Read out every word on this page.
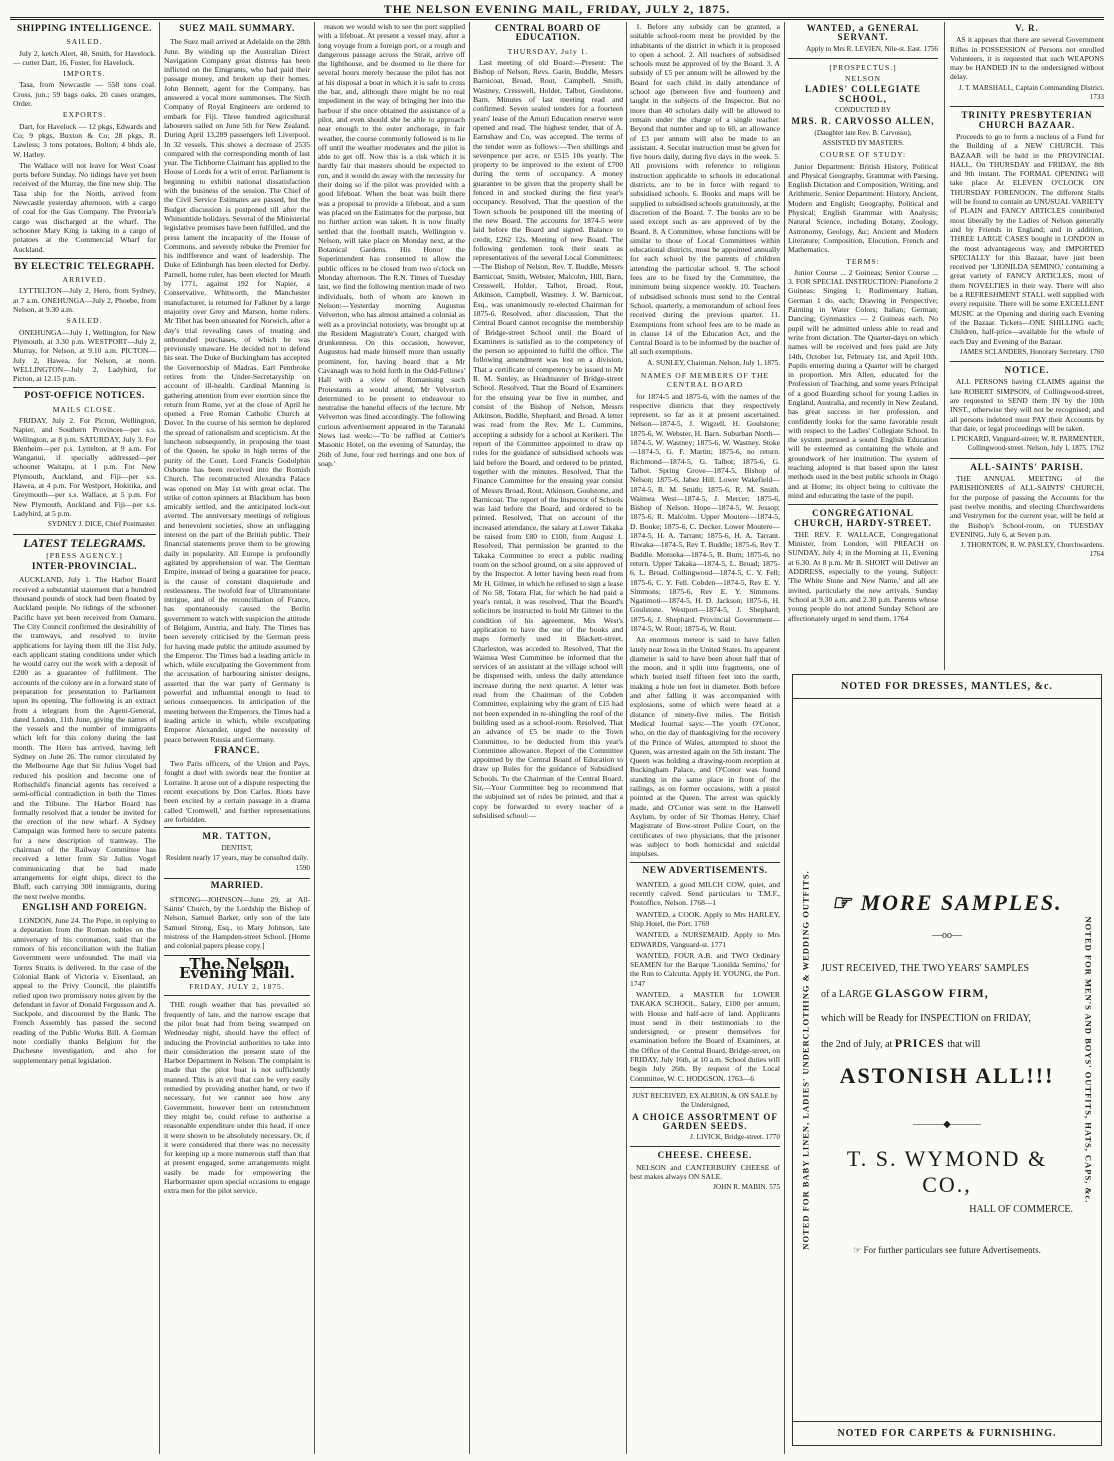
THE NELSON EVENING MAIL, FRIDAY, JULY 2, 1875.
SHIPPING INTELLIGENCE.
SAILED.
July 2, ketch Alert, 48, Smith, for Havelock. — cutter Dart, 16, Foster, for Havelock.
IMPORTS.
Tasa, from Newcastle — 558 tons coal. Cross, jun.; 59 bags oaks, 20 cases oranges, Order.
EXPORTS.
Dart, for Havelock — 12 pkgs, Edwards and Co; 9 pkgs, Buxton & Co; 28 pkgs, R. Lawless; 3 tons potatoes, Bolton; 4 bhds ale, W. Harley.
The Wallace will not leave for West Coast ports before Sunday. No tidings have yet been received of the Murray, the fine new ship. The Tasa ship for the North, arrived from Newcastle yesterday afternoon, with a cargo of coal for the Gas Company. The Pretoria's cargo was discharged at the wharf. The schooner Mary King is taking in a cargo of potatoes at the Commercial Wharf for Auckland.
BY ELECTRIC TELEGRAPH.
ARRIVED.
LYTTELTON—July 2, Hero, from Sydney, at 7 a.m. ONEHUNGA—July 2, Phoebe, from Nelson, at 9.30 a.m.
SAILED.
ONEHUNGA—July 1, Wellington, for New Plymouth, at 3.30 p.m. WESTPORT—July 2, Murray, for Nelson, at 9.10 a.m. PICTON—July 2, Hawea, for Nelson, at noon. WELLINGTON—July 2, Ladybird, for Picton, at 12.15 p.m.
POST-OFFICE NOTICES.
MAILS CLOSE.
FRIDAY, July 2. For Picton, Wellington, Napier, and Southern Provinces—per s.s. Wellington, at 8 p.m. SATURDAY, July 3. For Blenheim—per p.s. Lyttelton, at 9 a.m. For Wanganui, if specially addressed—per schooner Waitapu, at 1 p.m. For New Plymouth, Auckland, and Fiji—per s.s. Hawea, at 4 p.m. For Westport, Hokitika, and Greymouth—per s.s. Wallace, at 5 p.m. For New Plymouth, Auckland and Fiji—per s.s. Ladybird, at 5 p.m.
SYDNEY J. DICE, Chief Postmaster.
LATEST TELEGRAMS.
[PRESS AGENCY.]
INTER-PROVINCIAL.
AUCKLAND, July 1. The Harbor Board received a substantial statement that a hundred thousand pounds of stock had been floated by Auckland people. No tidings of the schooner Pacific have yet been received from Oamaru. The City Council confirmed the desirability of the tramways, and resolved to invite applications for laying them till the 31st July, each applicant stating conditions under which he would carry out the work with a deposit of £200 as a guarantee of fulfilment. The accounts of the colony are in a forward state of preparation for presentation to Parliament upon its opening. The following is an extract from a telegram from the Agent-General, dated London, 11th June, giving the names of the vessels and the number of immigrants which left for this colony during the last month. The Hero has arrived, having left Sydney on June 26. The rumor circulated by the Melbourne Age that Sir Julius Vogel had reduced his position and become one of Rothschild's financial agents has received a semi-official contradiction in both the Times and the Tribune. The Harbor Board has formally resolved that a tender be invited for the erection of the new wharf. A Sydney Campaign was formed here to secure patents for a new description of tramway. The chairman of the Railway Committee has received a letter from Sir Julius Vogel communicating that he had made arrangements for eight ships, direct to the Bluff, each carrying 300 immigrants, during the next twelve months.
ENGLISH AND FOREIGN.
LONDON, June 24. The Pope, in replying to a deputation from the Roman nobles on the anniversary of his coronation, said that the rumors of his reconciliation with the Italian Government were unfounded. The mail via Torres Straits is delivered. In the case of the Colonial Bank of Victoria v. Eisenlaud, an appeal to the Privy Council, the plaintiffs relied upon two promissory notes given by the defendant in favor of Donald Fergusson and A. Suckpole, and discounted by the Bank. The French Assembly has passed the second reading of the Public Works Bill. A German note cordially thanks Belgium for the Duchesne investigation, and also for supplementary penal legislation.
SUEZ MAIL SUMMARY.
The Suez mail arrived at Adelaide on the 28th June. By winding up the Australian Direct Navigation Company great distress has been inflicted on the Emigrants, who had paid their passage money, and broken up their homes. John Bennett, agent for the Company, has answered a vocal more summonses. The Sixth Company of Royal Engineers are ordered to embark for Fiji. Three hundred agricultural labourers sailed on June 5th for New Zealand. During April 13,289 passengers left Liverpool. In 32 vessels. This shows a decrease of 2535 compared with the corresponding month of last year. The Tichborne Claimant has applied to the House of Lords for a writ of error. Parliament is beginning to exhibit national dissatisfaction with the business of the session. The Chief of the Civil Service Estimates are passed, but the Budget discussion is postponed till after the Whitsuntide holidays. Several of the Ministerial legislative promises have been fulfilled, and the press lament the incapacity of the House of Commons, and severely rebuke the Premier for his indifference and want of leadership. The Duke of Edinburgh has been elected for Derby. Parnell, home ruler, has been elected for Meath by 1771, against 192 for Napier, a Conservative. Whitworth, the Manchester manufacturer, is returned for Falkner by a large majority over Grey and Marson, home rulers. Mr Tibet has been unseated for Norwich, after a day's trial revealing cases of treating and unbounded purchases, of which he was previously unaware. He decided not to defend his seat. The Duke of Buckingham has accepted the Governorship of Madras. Earl Pembroke retires from the Under-Secretaryship on account of ill-health. Cardinal Manning is gathering attention from ever exertion since the return from Rome, yet at the close of April he opened a Free Roman Catholic Church at Dover. In the course of his sermon he deplored the spread of rationalism and scepticism. At the luncheon subsequently, in proposing the toast of the Queen, he spoke in high terms of the purity of the Court. Lord Francis Godolphin Osborne has been received into the Romish Church. The reconstructed Alexandra Palace was opened on May 1st with great eclat. The strike of cotton spinners at Blackburn has been amicably settled, and the anticipated lock-out averted. The anniversary meetings of religious and benevolent societies, show an unflagging interest on the part of the British public. Their financial statements prove them to be growing daily in popularity. All Europe is profoundly agitated by apprehension of war. The German Empire, instead of being a guarantee for peace, is the cause of constant disquietude and restlessness. The twofold fear of Ultramontane intrigue, and of the reconciliation of France, has spontaneously caused the Berlin government to watch with suspicion the attitude of Belgium, Austria, and Italy. The Times has been severely criticised by the German press for having made public the attitude assumed by the Emperor. The Times had a leading article in which, while exculpating the Government from the accusation of harbouring sinister designs, asserted that the war party of Germany is powerful and influential enough to lead to serious consequences. In anticipation of the meeting between the Emperors, the Times had a leading article in which, while exculpating Emperor Alexander, urged the necessity of peace between Russia and Germany.
FRANCE.
Two Paris officers, of the Union and Pays, fought a duel with swords near the frontier at Lorraine. It arose out of a dispute respecting the recent executions by Don Carlos. Riots have been excited by a certain passage in a drama called 'Cromwell,' and further representations are forbidden.
MR. TATTON,
DENTIST,
Resident nearly 17 years, may be consulted daily.
1590
MARRIED.
STRONG—JOHNSON—June 29, at All-Saints' Church, by the Lordship the Bishop of Nelson, Samuel Barker, only son of the late Samuel Strong, Esq., to Mary Johnson, late mistress of the Hampden-street School. [Home and colonial papers please copy.]
The Nelson Evening Mail.
FRIDAY, JULY 2, 1875.
THE rough weather that has prevailed so frequently of late, and the narrow escape that the pilot boat had from being swamped on Wednesday night, should have the effect of inducing the Provincial authorities to take into their consideration the present state of the Harbor Department in Nelson. The complaint is made that the pilot boat is not sufficiently manned. This is an evil that can be very easily remedied by providing another hand, or two if necessary, for we cannot see how any Government, however bent on retrenchment they might be, could refuse to authorise a reasonable expenditure under this head, if once it were shown to be absolutely necessary. Or, if it were considered that there was no necessity for keeping up a more numerous staff than that at present engaged, some arrangements might easily be made for empowering the Harbormaster upon special occasions to engage extra men for the pilot service.
reason we would wish to see the port supplied with a lifeboat. At present a vessel may, after a long voyage from a foreign port, or a rough and dangerous passage across the Strait, arrive off the lighthouse, and be doomed to lie there for several hours merely because the pilot has not at his disposal a boat in which it is safe to cross the bar, and, although there might be no real impediment in the way of bringing her into the harbour if she once obtained the assistance of a pilot, and even should she be able to approach near enough to the outer anchorage, in fair weather, the course commonly followed is to lie off until the weather moderates and the pilot is able to get off. Now this is a risk which it is hardly fair that masters should be expected to run, and it would do away with the necessity for their doing so if the pilot was provided with a good lifeboat. When the boat was built there was a proposal to provide a lifeboat, and a sum was placed on the Estimates for the purpose, but no further action was taken. It is now finally settled that the football match, Wellington v. Nelson, will take place on Monday next, at the Botanical Gardens. His Honor the Superintendent has consented to allow the public offices to be closed from two o'clock on Monday afternoon. The R.N. Times of Tuesday last, we find the following mention made of two individuals, both of whom are known in Nelson:—Yesterday morning Augustus Velverton, who has almost attained a colonial as well as a provincial notoriety, was brought up at the Resident Magistrate's Court, charged with drunkenness. On this occasion, however, Augustus had made himself more than usually prominent, for, having heard that a Mr Cavanagh was to hold forth in the Odd-Fellows' Hall with a view of Romanising such Protestants as would attend, Mr Velverton determined to be present to endeavour to neutralise the baneful effects of the lecture. Mr Velverton was fined accordingly. The following curious advertisement appeared in the Taranaki News last week:—'To be raffled at Cottier's Masonic Hotel, on the evening of Saturday, the 26th of June, four red herrings and one box of soap.'
CENTRAL BOARD OF EDUCATION.
THURSDAY, July 1.
Last meeting of old Board:—Present: The Bishop of Nelson, Revs. Garin, Buddle, Messrs Barnicoat, Broad, Rout, Campbell, Smith, Wastney, Cresswell, Holder, Talbot, Goulstone, Barn. Minutes of last meeting read and confirmed. Seven sealed tenders for a fourteen years' lease of the Amuri Education reserve were opened and read. The highest tender, that of A. Earnshaw and Co, was accepted. The terms of the tender were as follows:—Two shillings and sevenpence per acre, or £515 10s yearly. The property to be improved to the extent of £700 during the term of occupancy. A money guarantee to be given that the property shall be fenced in and stocked during the first year's occupancy. Resolved, That the question of the Town schools be postponed till the meeting of the new Board. The accounts for 1874-5 were laid before the Board and signed. Balance to credit, £262 12s. Meeting of new Board. The following gentlemen took their seats as representatives of the several Local Committees:—The Bishop of Nelson, Rev. T. Buddle, Messrs Barnicoat, Smith, Webster, Malcolm, Hill, Barn, Cresswell, Holder, Talbot, Broad, Rout, Atkinson, Campbell, Wastney. J. W. Barnicoat, Esq., was unanimously re-elected Chairman for 1875-6. Resolved, after discussion, That the Central Board cannot recognise the membership of Bridge-street School until the Board of Examiners is satisfied as to the competency of the person so appointed to fulfil the office. The following amendment was lost on a division, That a certificate of competency be issued to Mr R. M. Sunley, as Headmaster of Bridge-street School. Resolved, That the Board of Examiners for the ensuing year be five in number, and consist of the Bishop of Nelson, Messrs Atkinson, Buddle, Shephard, and Broad. A letter was read from the Rev. Mr L. Cummins, accepting a subsidy for a school at Kerikeri. The report of the Committee appointed to draw up rules for the guidance of subsidised schools was laid before the Board, and ordered to be printed, together with the minutes. Resolved, That the Finance Committee for the ensuing year consist of Messrs Broad, Rout, Atkinson, Goulstone, and Barnicoat. The report of the Inspector of Schools was laid before the Board, and ordered to be printed. Resolved, That on account of the increased attendance, the salary at Lower Takaka be raised from £80 to £100, from August 1. Resolved, That permission be granted to the Takaka Committee to erect a public reading room on the school ground, on a site approved of by the Inspector. A letter having been read from Mr H. Gilmer, in which he refused to sign a lease of No 58, Totara Flat, for which he had paid a year's rental, it was resolved, That the Board's solicitors be instructed to hold Mr Gilmer to the condition of his agreement. Mrs West's application to have the use of the books and maps formerly used in Blackett-street, Charleston, was acceded to. Resolved, That the Waimea West Committee be informed that the services of an assistant at the village school will be dispensed with, unless the daily attendance increase during the next quarter. A letter was read from the Chairman of the Cobden Committee, explaining why the grant of £15 had not been expended in re-shingling the roof of the building used as a school-room. Resolved, That an advance of £5 be made to the Town Committee, to be deducted from this year's Committee allowance. Report of the Committee appointed by the Central Board of Education to draw up Rules for the guidance of Subsidised Schools. To the Chairman of the Central Board. Sir,—Your Committee beg to recommend that the subjoined set of rules be printed, and that a copy be forwarded to every teacher of a subsidised school:—
1. Before any subsidy can be granted, a suitable school-room must be provided by the inhabitants of the district in which it is proposed to open a school. 2. All teachers of subsidised schools must be approved of by the Board. 3. A subsidy of £5 per annum will be allowed by the Board for each child in daily attendance of school age (between five and fourteen) and taught in the subjects of the Inspector. But no more than 40 scholars daily will be allowed to remain under the charge of a single teacher. Beyond that number and up to 60, an allowance of £3 per annum will also be made to an assistant. 4. Secular instruction must be given for five hours daily, during five days in the week. 5. All provisions with reference to religious instruction applicable to schools in educational districts, are to be in force with regard to subsidised schools. 6. Books and maps will be supplied to subsidised schools gratuitously, at the discretion of the Board. 7. The books are to be used except such as are approved of by the Board. 8. A Committee, whose functions will be similar to those of Local Committees within educational districts, must be appointed annually for each school by the parents of children attending the particular school. 9. The school fees are to be fixed by the Committee, the minimum being sixpence weekly. 10. Teachers of subsidised schools must send to the Central School, quarterly, a memorandum of school fees received during the previous quarter. 11. Exemptions from school fees are to be made as in clause 14 of the Education Act, and the Central Board is to be informed by the teacher of all such exemptions.
A. SUNLEY, Chairman. Nelson, July 1, 1875.
NAMES OF MEMBERS OF THE CENTRAL BOARD
for 1874-5 and 1875-6, with the names of the respective districts that they respectively represent, so far as it at present ascertained. Nelson—1874-5, J. Wigzell, H. Goulstone; 1875-6, W. Webster, H. Barn. Suburban North—1874-5, W. Wastney; 1875-6, W. Wastney. Stoke—1874-5, G. F. Martin; 1875-6, no return. Richmond—1874-5, G. Talbot; 1875-6, G. Talbot. Spring Grove—1874-5, Bishop of Nelson; 1875-6, Jabez Hill. Lower Wakefield—1874-5, R. M. Smith; 1875-6, R. M. Smith. Waimea West—1874-5, J. Mercer; 1875-6, Bishop of Nelson. Hope—1874-5, W. Jessop; 1875-6, R. Malcolm. Upper Moutere—1874-5, D. Bouke; 1875-6, C. Decker. Lower Moutere—1874-5, H. A. Tarrant; 1875-6, H. A. Tarrant. Riwaka—1874-5, Rev T. Buddle; 1875-6, Rev T. Buddle. Motueka—1874-5, R. Burn; 1875-6, no return. Upper Takaka—1874-5, L. Broad; 1875-6, L. Broad. Collingwood—1874-5, C. Y. Fell; 1875-6, C. Y. Fell. Cobden—1874-5, Rev E. Y. Simmons; 1875-6, Rev E. Y. Simmons. Ngatimoti—1874-5, H. D. Jackson; 1875-6, H. Goulstone. Westport—1874-5, J. Shephard; 1875-6, J. Shephard. Provincial Government—1874-5, W. Rout; 1875-6, W. Rout.
An enormous meteor is said to have fallen lately near Iowa in the United States. Its apparent diameter is said to have been about half that of the moon, and it split into fragments, one of which buried itself fifteen feet into the earth, making a hole ten feet in diameter. Both before and after falling it was accompanied with explosions, some of which were heard at a distance of ninety-five miles. The British Medical Journal says:—The youth O'Conor, who, on the day of thanksgiving for the recovery of the Prince of Wales, attempted to shoot the Queen, was arrested again on the 5th instant. The Queen was holding a drawing-room reception at Buckingham Palace, and O'Conor was found standing in the same place in front of the railings, as on former occasions, with a pistol pointed at the Queen. The arrest was quickly made, and O'Conor was sent to the Hanwell Asylum, by order of Sir Thomas Henry, Chief Magistrate of Bow-street Police Court, on the certificates of two physicians, that the prisoner was subject to both homicidal and suicidal impulses.
NEW ADVERTISEMENTS.
WANTED, a good MILCH COW, quiet, and recently calved. Send particulars to T.M.F., Postoffice, Nelson. 1768—1
WANTED, a COOK. Apply to Mrs HARLEY, Ship Hotel, the Port. 1769
WANTED, a NURSEMAID. Apply to Mrs EDWARDS, Vanguard-st. 1771
WANTED, FOUR A.B. and TWO Ordinary SEAMEN for the Barque 'Lionilda Semino,' for the Run to Calcutta. Apply H. YOUNG, the Port. 1747
WANTED, a MASTER for LOWER TAKAKA SCHOOL. Salary, £100 per annum, with House and half-acre of land. Applicants must send in their testimonials to the undersigned, or present themselves for examination before the Board of Examiners, at the Office of the Central Board, Bridge-street, on FRIDAY, July 16th, at 10 a.m. School duties will begin July 26th. By request of the Local Committee, W. C. HODGSON. 1763—6
JUST RECEIVED, EX ALBION, & ON SALE by the Undersigned,
A CHOICE ASSORTMENT OF GARDEN SEEDS.
J. LIVICK, Bridge-street. 1770
CHEESE. CHEESE.
NELSON and CANTERBURY CHEESE of best makes always ON SALE.
JOHN R. MABIN. 575
WANTED, a GENERAL SERVANT.
Apply to Mrs R. LEVIEN, Nile-st. East. 1756
[PROSPECTUS.]
NELSON
LADIES' COLLEGIATE SCHOOL,
CONDUCTED BY
MRS. R. CARVOSSO ALLEN,
(Daughter late Rev. B. Carvosso),
ASSISTED BY MASTERS.
COURSE OF STUDY:
Junior Department: British History, Political and Physical Geography, Grammar with Parsing, English Dictation and Composition, Writing, and Arithmetic. Senior Department: History, Ancient, Modern and English; Geography, Political and Physical; English Grammar with Analysis; Natural Science, including Botany, Zoology, Astronomy, Geology, &c; Ancient and Modern Literature; Composition, Elocution, French and Mathematics.
TERMS:
Junior Course ... 2 Guineas; Senior Course ... 3. FOR SPECIAL INSTRUCTION: Pianoforte 2 Guineas; Singing 1; Rudimentary Italian, German 1 do. each; Drawing in Perspective; Painting in Water Colors; Italian; German; Dancing; Gymnastics — 2 Guineas each. No pupil will be admitted unless able to read and write from dictation. The Quarter-days on which names will be received and fees paid are July 14th, October 1st, February 1st, and April 10th. Pupils entering during a Quarter will be charged in proportion. Mrs Allen, educated for the Profession of Teaching, and some years Principal of a good Boarding school for young Ladies in England, Australia, and recently in New Zealand, has great success in her profession, and confidently looks for the same favorable result with respect to the Ladies' Collegiate School. In the system pursued a sound English Education will be esteemed as containing the whole and groundwork of her institution. The system of teaching adopted is that based upon the latest methods used in the best public schools in Otago and at Home; its object being to cultivate the mind and educating the taste of the pupil.
CONGREGATIONAL CHURCH, HARDY-STREET.
THE REV. F. WALLACE, Congregational Minister, from London, will PREACH on SUNDAY, July 4; in the Morning at 11, Evening at 6.30. At 8 p.m. Mr B. SHORT will Deliver an ADDRESS, especially to the young. Subject: 'The White Stone and New Name,' and all are invited, particularly the new arrivals. Sunday School at 9.30 a.m. and 2.30 p.m. Parents whose young people do not attend Sunday School are affectionately urged to send them. 1764
V. R.
AS it appears that there are several Government Rifles in POSSESSION of Persons not enrolled Volunteers, it is requested that such WEAPONS may be HANDED IN to the undersigned without delay.
J. T. MARSHALL, Captain Commanding District. 1733
TRINITY PRESBYTERIAN CHURCH BAZAAR.
Proceeds to go to form a nucleus of a Fund for the Building of a NEW CHURCH. This BAZAAR will be held in the PROVINCIAL HALL, On THURSDAY and FRIDAY, the 8th and 9th instant. The FORMAL OPENING will take place At ELEVEN O'CLOCK ON THURSDAY FORENOON. The different Stalls will be found to contain an UNUSUAL VARIETY of PLAIN and FANCY ARTICLES contributed most liberally by the Ladies of Nelson generally and by Friends in England; and in addition, THREE LARGE CASES bought in LONDON in the most advantageous way, and IMPORTED SPECIALLY for this Bazaar, have just been received per 'LIONILDA SEMINO,' containing a great variety of FANCY ARTICLES, most of them NOVELTIES in their way. There will also be a REFRESHMENT STALL well supplied with every requisite. There will be some EXCELLENT MUSIC at the Opening and during each Evening of the Bazaar. Tickets—ONE SHILLING each; Children, half-price—available for the whole of each Day and Evening of the Bazaar.
JAMES SCLANDERS, Honorary Secretary. 1760
NOTICE.
ALL PERSONS having CLAIMS against the late ROBERT SIMPSON, of Collingwood-street, are requested to SEND them IN by the 10th INST., otherwise they will not be recognised; and all persons indebted must PAY their Accounts by that date, or legal proceedings will be taken.
I. PICKARD, Vanguard-street; W. R. PARMENTER, Collingwood-street. Nelson, July 1, 1875. 1762
ALL-SAINTS' PARISH.
THE ANNUAL MEETING of the PARISHIONERS of ALL-SAINTS' CHURCH, for the purpose of passing the Accounts for the past twelve months, and electing Churchwardens and Vestrymen for the current year, will be held at the Bishop's School-room, on TUESDAY EVENING, July 6, at Seven p.m.
J. THORNTON, R. W. PASLEY, Churchwardens. 1764
NOTED FOR DRESSES, MANTLES, &c.
NOTED FOR BABY LINEN, LADIES' UNDERCLOTHING & WEDDING OUTFITS.	NOTED FOR MEN'S AND BOYS' OUTFITS, HATS, CAPS, &c.
☞ MORE SAMPLES.
—oo—
JUST RECEIVED, THE TWO YEARS' SAMPLES
of a LARGE GLASGOW FIRM,
which will be Ready for INSPECTION on FRIDAY,
the 2nd of July, at PRICES that will
ASTONISH ALL!!!
———◆———
T. S. WYMOND & CO.,
HALL OF COMMERCE.
☞ For further particulars see future Advertisements.
NOTED FOR CARPETS & FURNISHING.
